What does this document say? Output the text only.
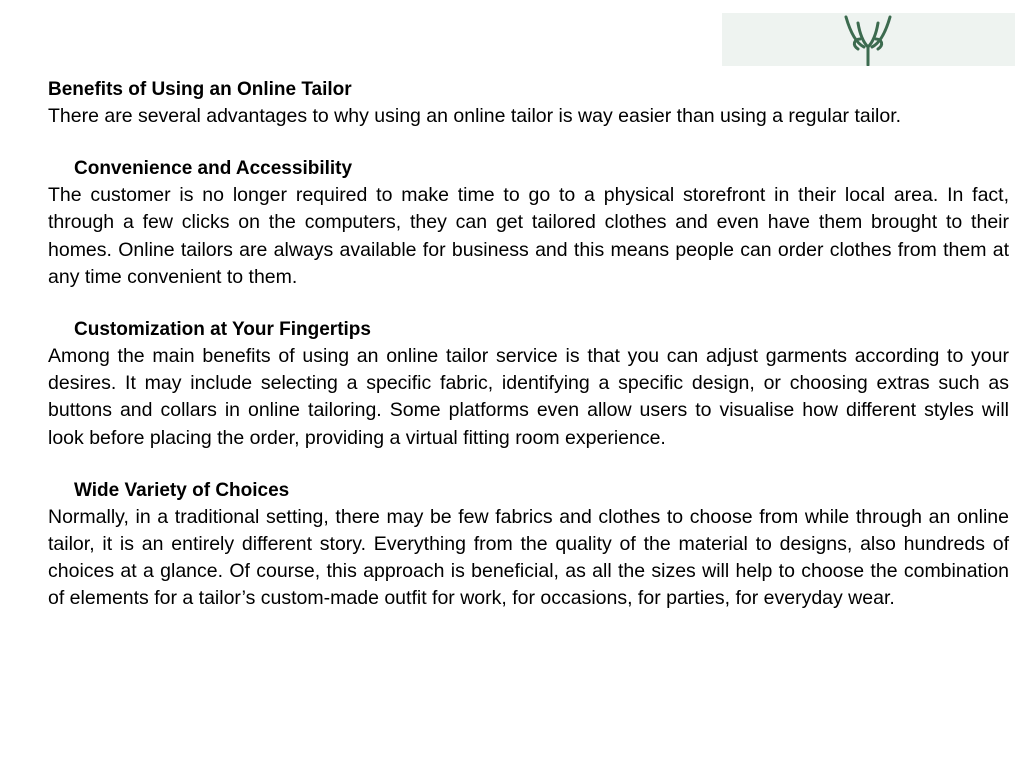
Benefits of Using an Online Tailor

There are several advantages to why using an online tailor is way easier than using a regular tailor.

Convenience and Accessibility

The customer is no longer required to make time to go to a physical storefront in their local area. In fact, through a few clicks on the computers, they can get tailored clothes and even have them brought to their homes. Online tailors are always available for business and this means people can order clothes from them at any time convenient to them.

Customization at Your Fingertips

Among the main benefits of using an online tailor service is that you can adjust garments according to your desires. It may include selecting a specific fabric, identifying a specific design, or choosing extras such as buttons and collars in online tailoring. Some platforms even allow users to visualise how different styles will look before placing the order, providing a virtual fitting room experience.

Wide Variety of Choices

Normally, in a traditional setting, there may be few fabrics and clothes to choose from while through an online tailor, it is an entirely different story. Everything from the quality of the material to designs, also hundreds of choices at a glance. Of course, this approach is beneficial, as all the sizes will help to choose the combination of elements for a tailor’s custom-made outfit for work, for occasions, for parties, for everyday wear.
